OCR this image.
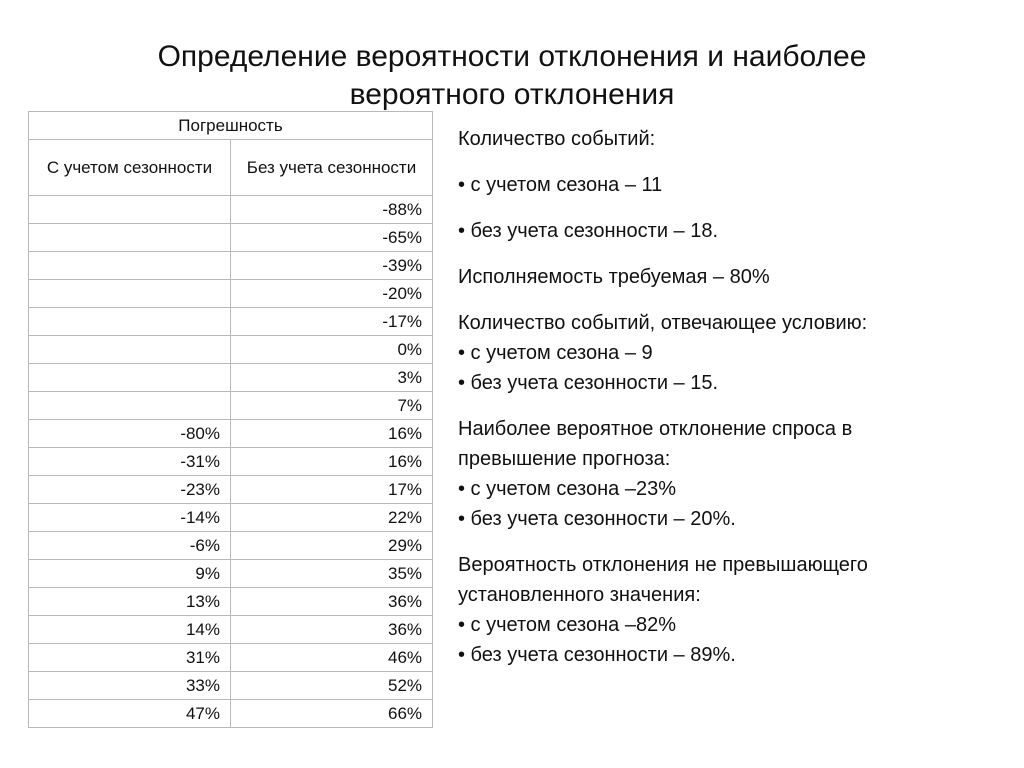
Определение вероятности отклонения и наиболее
вероятного отклонения
Погрешность	
С учетом сезонности	Без учета сезонности
	-88%
	-65%
	-39%
	-20%
	-17%
	0%
	3%
	7%
-80%	16%
-31%	16%
-23%	17%
-14%	22%
-6%	29%
9%	35%
13%	36%
14%	36%
31%	46%
33%	52%
47%	66%

Количество событий:

• с учетом сезона – 11

• без учета сезонности – 18.

Исполняемость требуемая – 80%

Количество событий, отвечающее условию:
• с учетом сезона – 9
• без учета сезонности – 15.

Наиболее вероятное отклонение спроса в
превышение прогноза:
• с учетом сезона –23%
• без учета сезонности – 20%.

Вероятность отклонения не превышающего
установленного значения:
• с учетом сезона –82%
• без учета сезонности – 89%.
